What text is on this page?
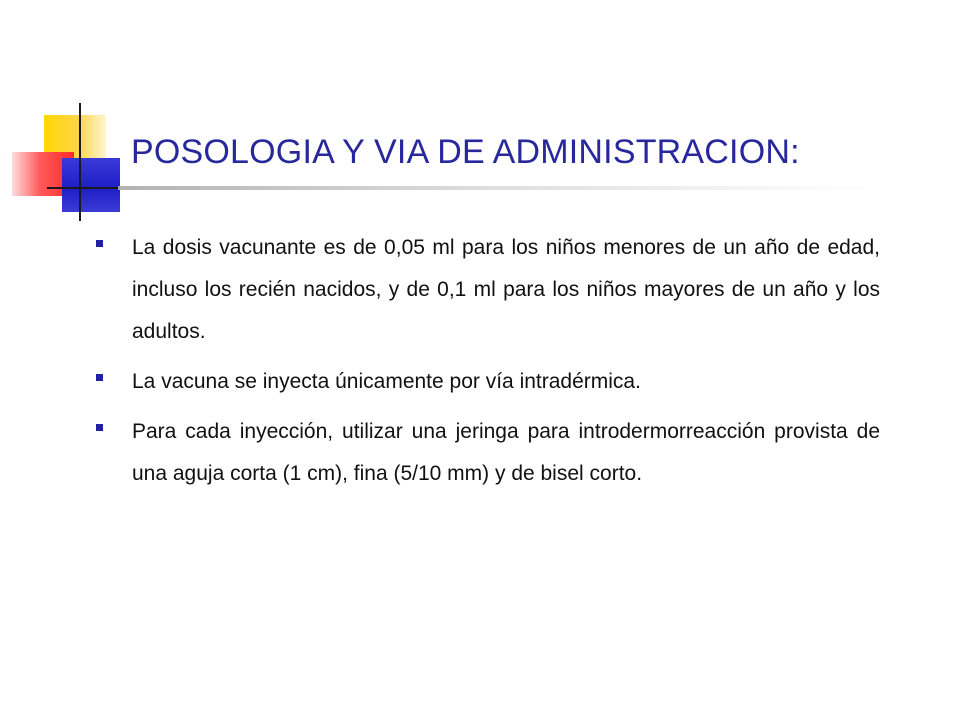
POSOLOGIA Y VIA DE ADMINISTRACION:

La dosis vacunante es de 0,05 ml para los niños menores de un año de edad, incluso los recién nacidos, y de 0,1 ml para los niños mayores de un año y los adultos.

La vacuna se inyecta únicamente por vía intradérmica.

Para cada inyección, utilizar una jeringa para introdermorreacción provista de una aguja corta (1 cm), fina (5/10 mm) y de bisel corto.
